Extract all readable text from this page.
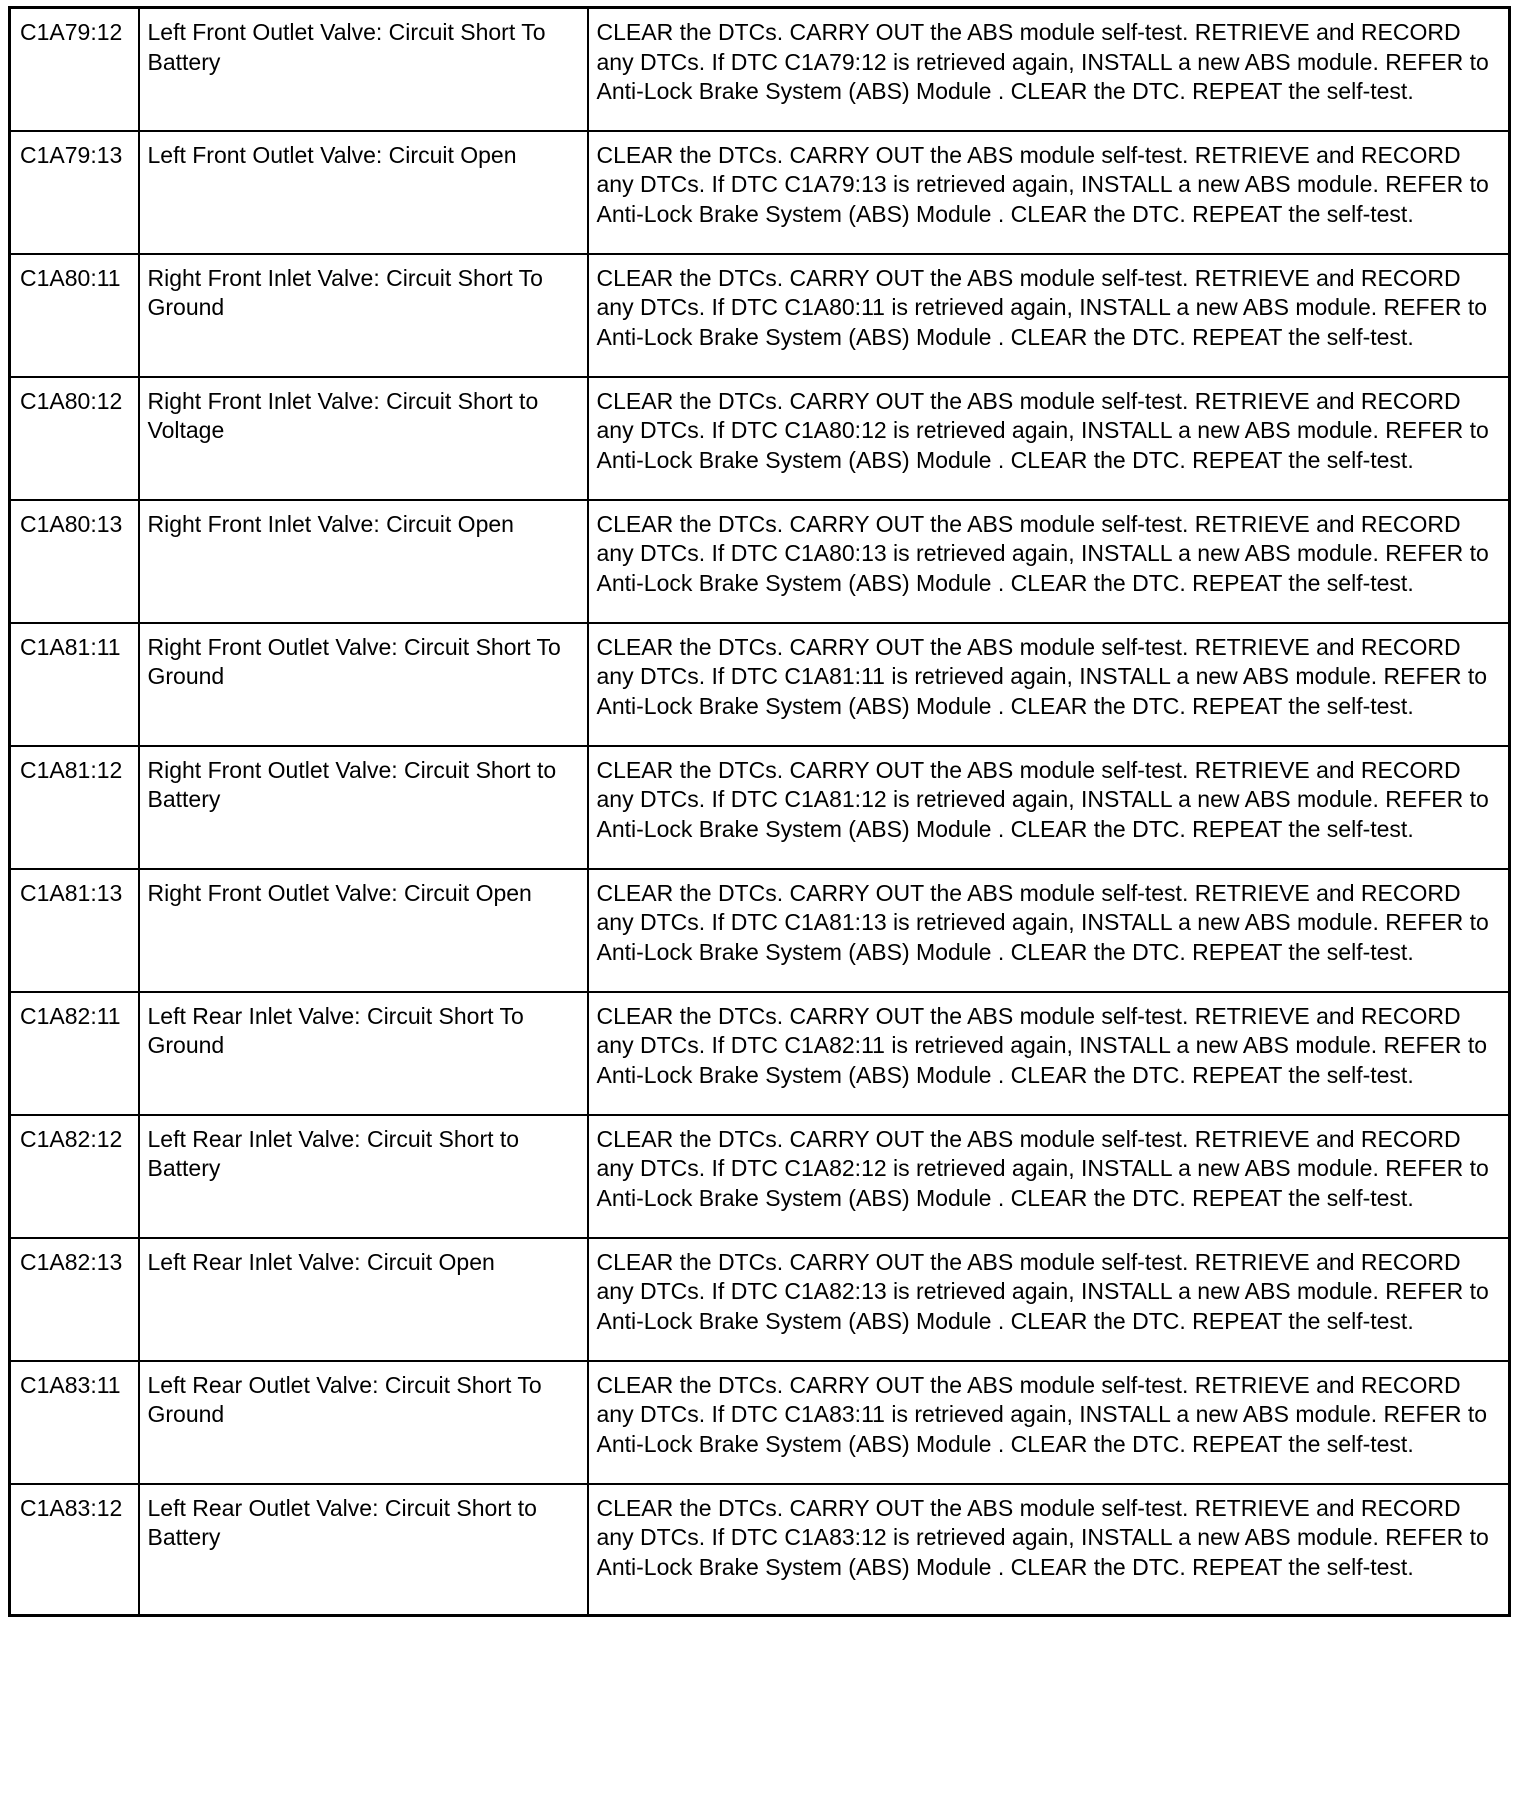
C1A79:12	Left Front Outlet Valve: Circuit Short To Battery	CLEAR the DTCs. CARRY OUT the ABS module self-test. RETRIEVE and RECORD any DTCs. If DTC C1A79:12 is retrieved again, INSTALL a new ABS module. REFER to Anti-Lock Brake System (ABS) Module . CLEAR the DTC. REPEAT the self-test.
C1A79:13	Left Front Outlet Valve: Circuit Open	CLEAR the DTCs. CARRY OUT the ABS module self-test. RETRIEVE and RECORD any DTCs. If DTC C1A79:13 is retrieved again, INSTALL a new ABS module. REFER to Anti-Lock Brake System (ABS) Module . CLEAR the DTC. REPEAT the self-test.
C1A80:11	Right Front Inlet Valve: Circuit Short To Ground	CLEAR the DTCs. CARRY OUT the ABS module self-test. RETRIEVE and RECORD any DTCs. If DTC C1A80:11 is retrieved again, INSTALL a new ABS module. REFER to Anti-Lock Brake System (ABS) Module . CLEAR the DTC. REPEAT the self-test.
C1A80:12	Right Front Inlet Valve: Circuit Short to Voltage	CLEAR the DTCs. CARRY OUT the ABS module self-test. RETRIEVE and RECORD any DTCs. If DTC C1A80:12 is retrieved again, INSTALL a new ABS module. REFER to Anti-Lock Brake System (ABS) Module . CLEAR the DTC. REPEAT the self-test.
C1A80:13	Right Front Inlet Valve: Circuit Open	CLEAR the DTCs. CARRY OUT the ABS module self-test. RETRIEVE and RECORD any DTCs. If DTC C1A80:13 is retrieved again, INSTALL a new ABS module. REFER to Anti-Lock Brake System (ABS) Module . CLEAR the DTC. REPEAT the self-test.
C1A81:11	Right Front Outlet Valve: Circuit Short To Ground	CLEAR the DTCs. CARRY OUT the ABS module self-test. RETRIEVE and RECORD any DTCs. If DTC C1A81:11 is retrieved again, INSTALL a new ABS module. REFER to Anti-Lock Brake System (ABS) Module . CLEAR the DTC. REPEAT the self-test.
C1A81:12	Right Front Outlet Valve: Circuit Short to Battery	CLEAR the DTCs. CARRY OUT the ABS module self-test. RETRIEVE and RECORD any DTCs. If DTC C1A81:12 is retrieved again, INSTALL a new ABS module. REFER to Anti-Lock Brake System (ABS) Module . CLEAR the DTC. REPEAT the self-test.
C1A81:13	Right Front Outlet Valve: Circuit Open	CLEAR the DTCs. CARRY OUT the ABS module self-test. RETRIEVE and RECORD any DTCs. If DTC C1A81:13 is retrieved again, INSTALL a new ABS module. REFER to Anti-Lock Brake System (ABS) Module . CLEAR the DTC. REPEAT the self-test.
C1A82:11	Left Rear Inlet Valve: Circuit Short To Ground	CLEAR the DTCs. CARRY OUT the ABS module self-test. RETRIEVE and RECORD any DTCs. If DTC C1A82:11 is retrieved again, INSTALL a new ABS module. REFER to Anti-Lock Brake System (ABS) Module . CLEAR the DTC. REPEAT the self-test.
C1A82:12	Left Rear Inlet Valve: Circuit Short to Battery	CLEAR the DTCs. CARRY OUT the ABS module self-test. RETRIEVE and RECORD any DTCs. If DTC C1A82:12 is retrieved again, INSTALL a new ABS module. REFER to Anti-Lock Brake System (ABS) Module . CLEAR the DTC. REPEAT the self-test.
C1A82:13	Left Rear Inlet Valve: Circuit Open	CLEAR the DTCs. CARRY OUT the ABS module self-test. RETRIEVE and RECORD any DTCs. If DTC C1A82:13 is retrieved again, INSTALL a new ABS module. REFER to Anti-Lock Brake System (ABS) Module . CLEAR the DTC. REPEAT the self-test.
C1A83:11	Left Rear Outlet Valve: Circuit Short To Ground	CLEAR the DTCs. CARRY OUT the ABS module self-test. RETRIEVE and RECORD any DTCs. If DTC C1A83:11 is retrieved again, INSTALL a new ABS module. REFER to Anti-Lock Brake System (ABS) Module . CLEAR the DTC. REPEAT the self-test.
C1A83:12	Left Rear Outlet Valve: Circuit Short to Battery	CLEAR the DTCs. CARRY OUT the ABS module self-test. RETRIEVE and RECORD any DTCs. If DTC C1A83:12 is retrieved again, INSTALL a new ABS module. REFER to Anti-Lock Brake System (ABS) Module . CLEAR the DTC. REPEAT the self-test.
